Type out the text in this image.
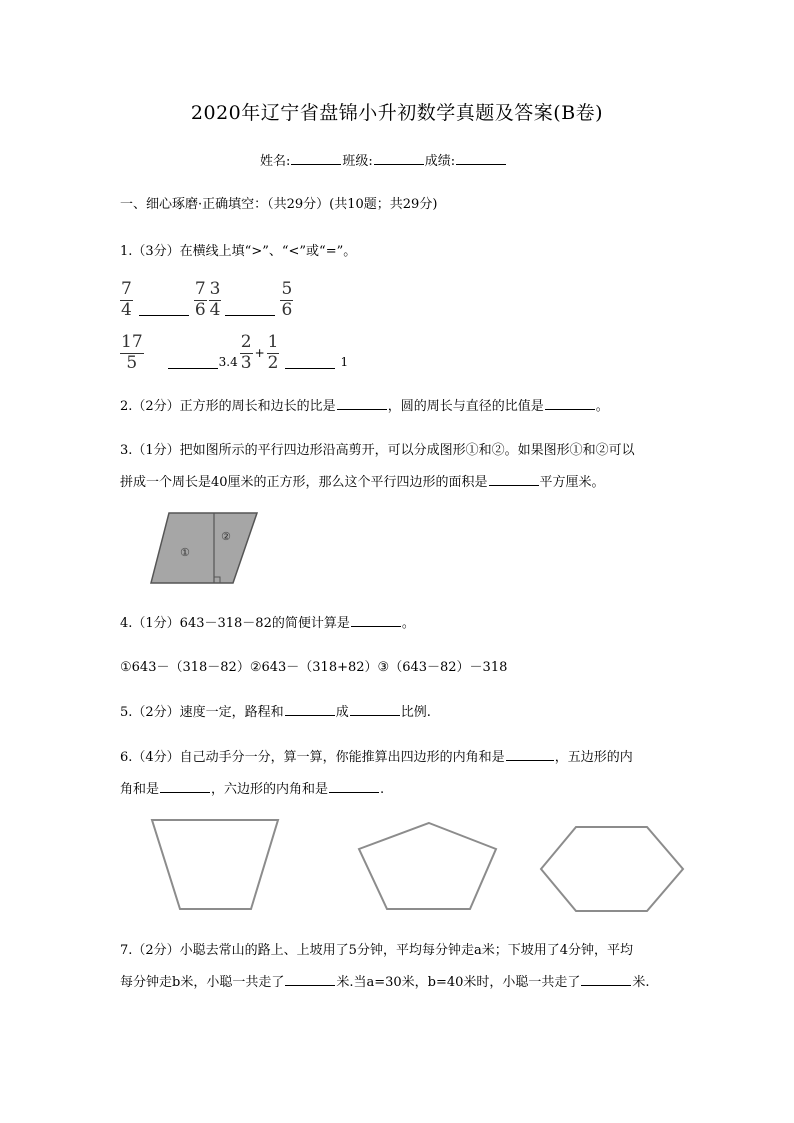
2020年辽宁省盘锦小升初数学真题及答案(B卷)
姓名:	班级:	成绩:
一、细心琢磨·正确填空：（共29分）(共10题；共29分)
1.（3分）在横线上填“>”、“<”或“=”。
$\frac{7}{4}$	$\frac{7}{6} \frac{3}{4}$	$\frac{5}{6}$
$\frac{17}{5}$	$3.4 \frac{2}{3} + \frac{1}{2}$	1
2.（2分）正方形的周长和边长的比是	，圆的周长与直径的比值是	。
3.（1分）把如图所示的平行四边形沿高剪开，可以分成图形①和②。如果图形①和②可以
拼成一个周长是40厘米的正方形，那么这个平行四边形的面积是	平方厘米。
①
②
4.（1分）643－318－82的简便计算是	。
①643－（318－82）②643－（318+82）③（643－82）－318
5.（2分）速度一定，路程和	成	比例.
6.（4分）自己动手分一分，算一算，你能推算出四边形的内角和是	，五边形的内
角和是	，六边形的内角和是	.
7.（2分）小聪去常山的路上、上坡用了5分钟，平均每分钟走a米；下坡用了4分钟，平均
每分钟走b米，小聪一共走了	米.当a=30米，b=40米时，小聪一共走了	米.
